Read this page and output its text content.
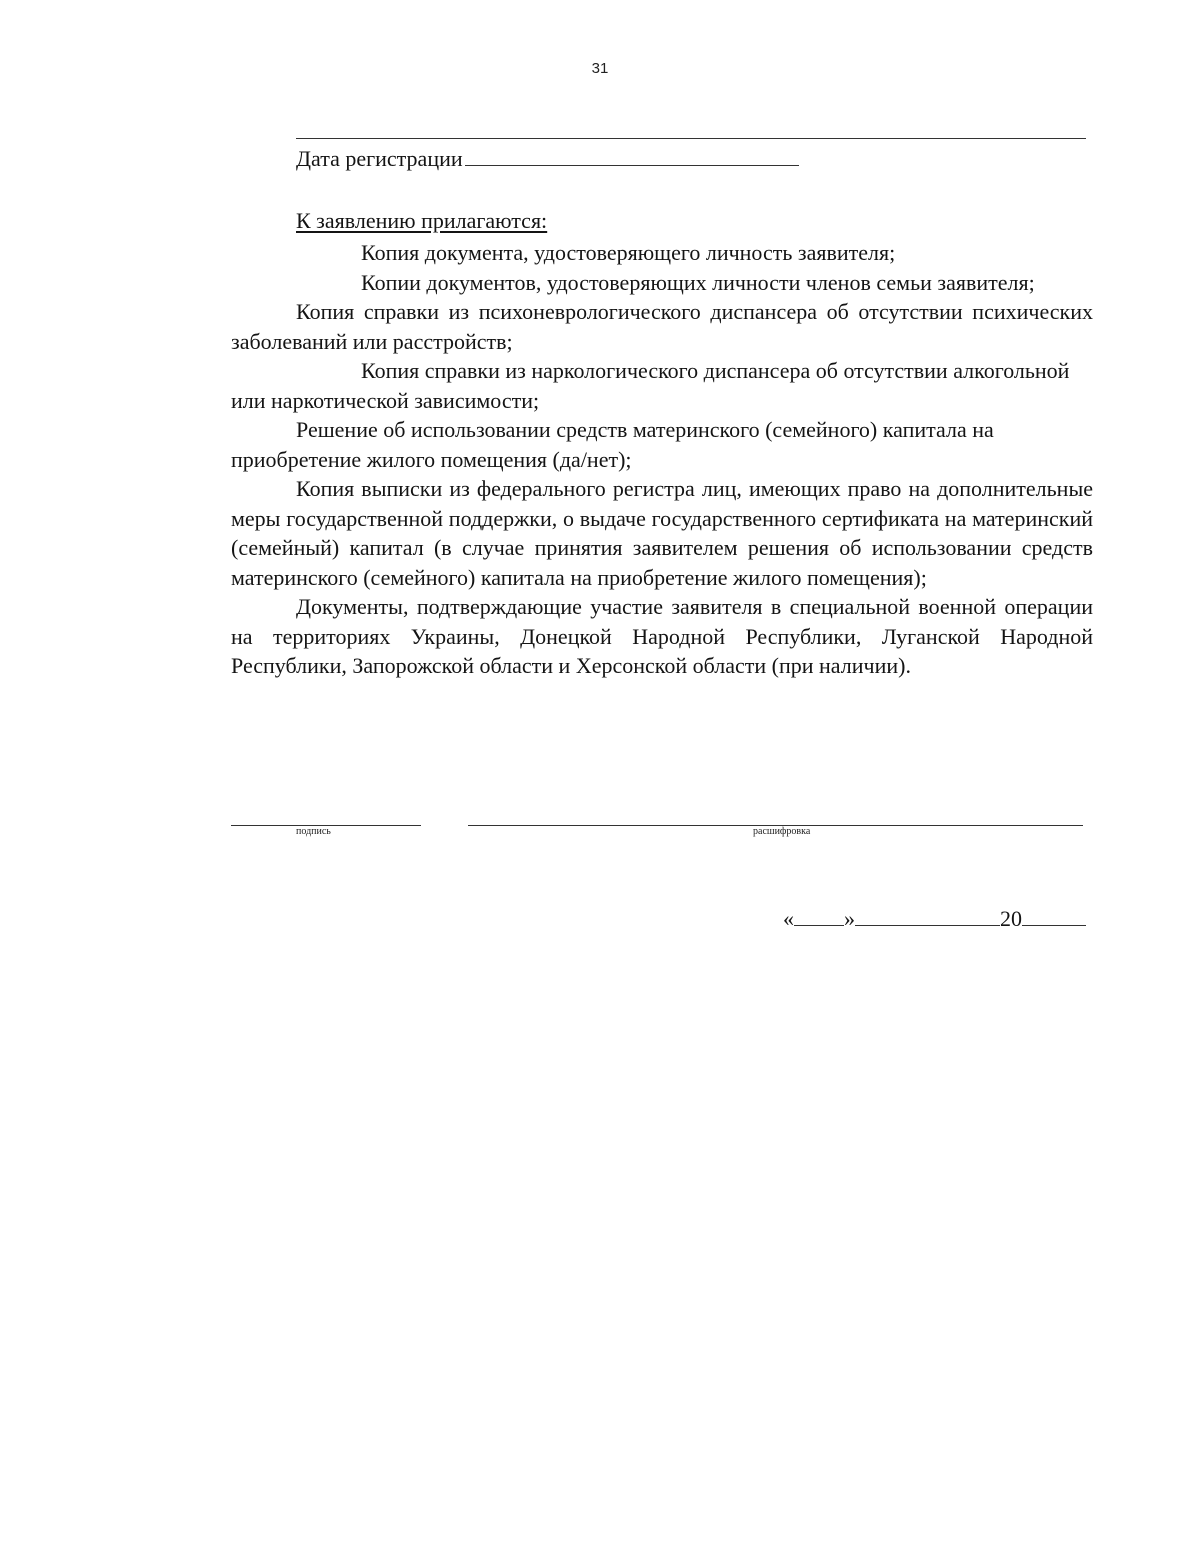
31
Дата регистрации
К заявлению прилагаются:

Копия документа, удостоверяющего личность заявителя;

Копии документов, удостоверяющих личности членов семьи заявителя;

Копия справки из психоневрологического диспансера об отсутствии психических заболеваний или расстройств;

Копия справки из наркологического диспансера об отсутствии алкогольной или наркотической зависимости;

Решение об использовании средств материнского (семейного) капитала на приобретение жилого помещения (да/нет);

Копия выписки из федерального регистра лиц, имеющих право на дополнительные меры государственной поддержки, о выдаче государственного сертификата на материнский (семейный) капитал (в случае принятия заявителем решения об использовании средств материнского (семейного) капитала на приобретение жилого помещения);

Документы, подтверждающие участие заявителя в специальной военной операции на территориях Украины, Донецкой Народной Республики, Луганской Народной Республики, Запорожской области и Херсонской области (при наличии).

подпись	расшифровка
« »	20
